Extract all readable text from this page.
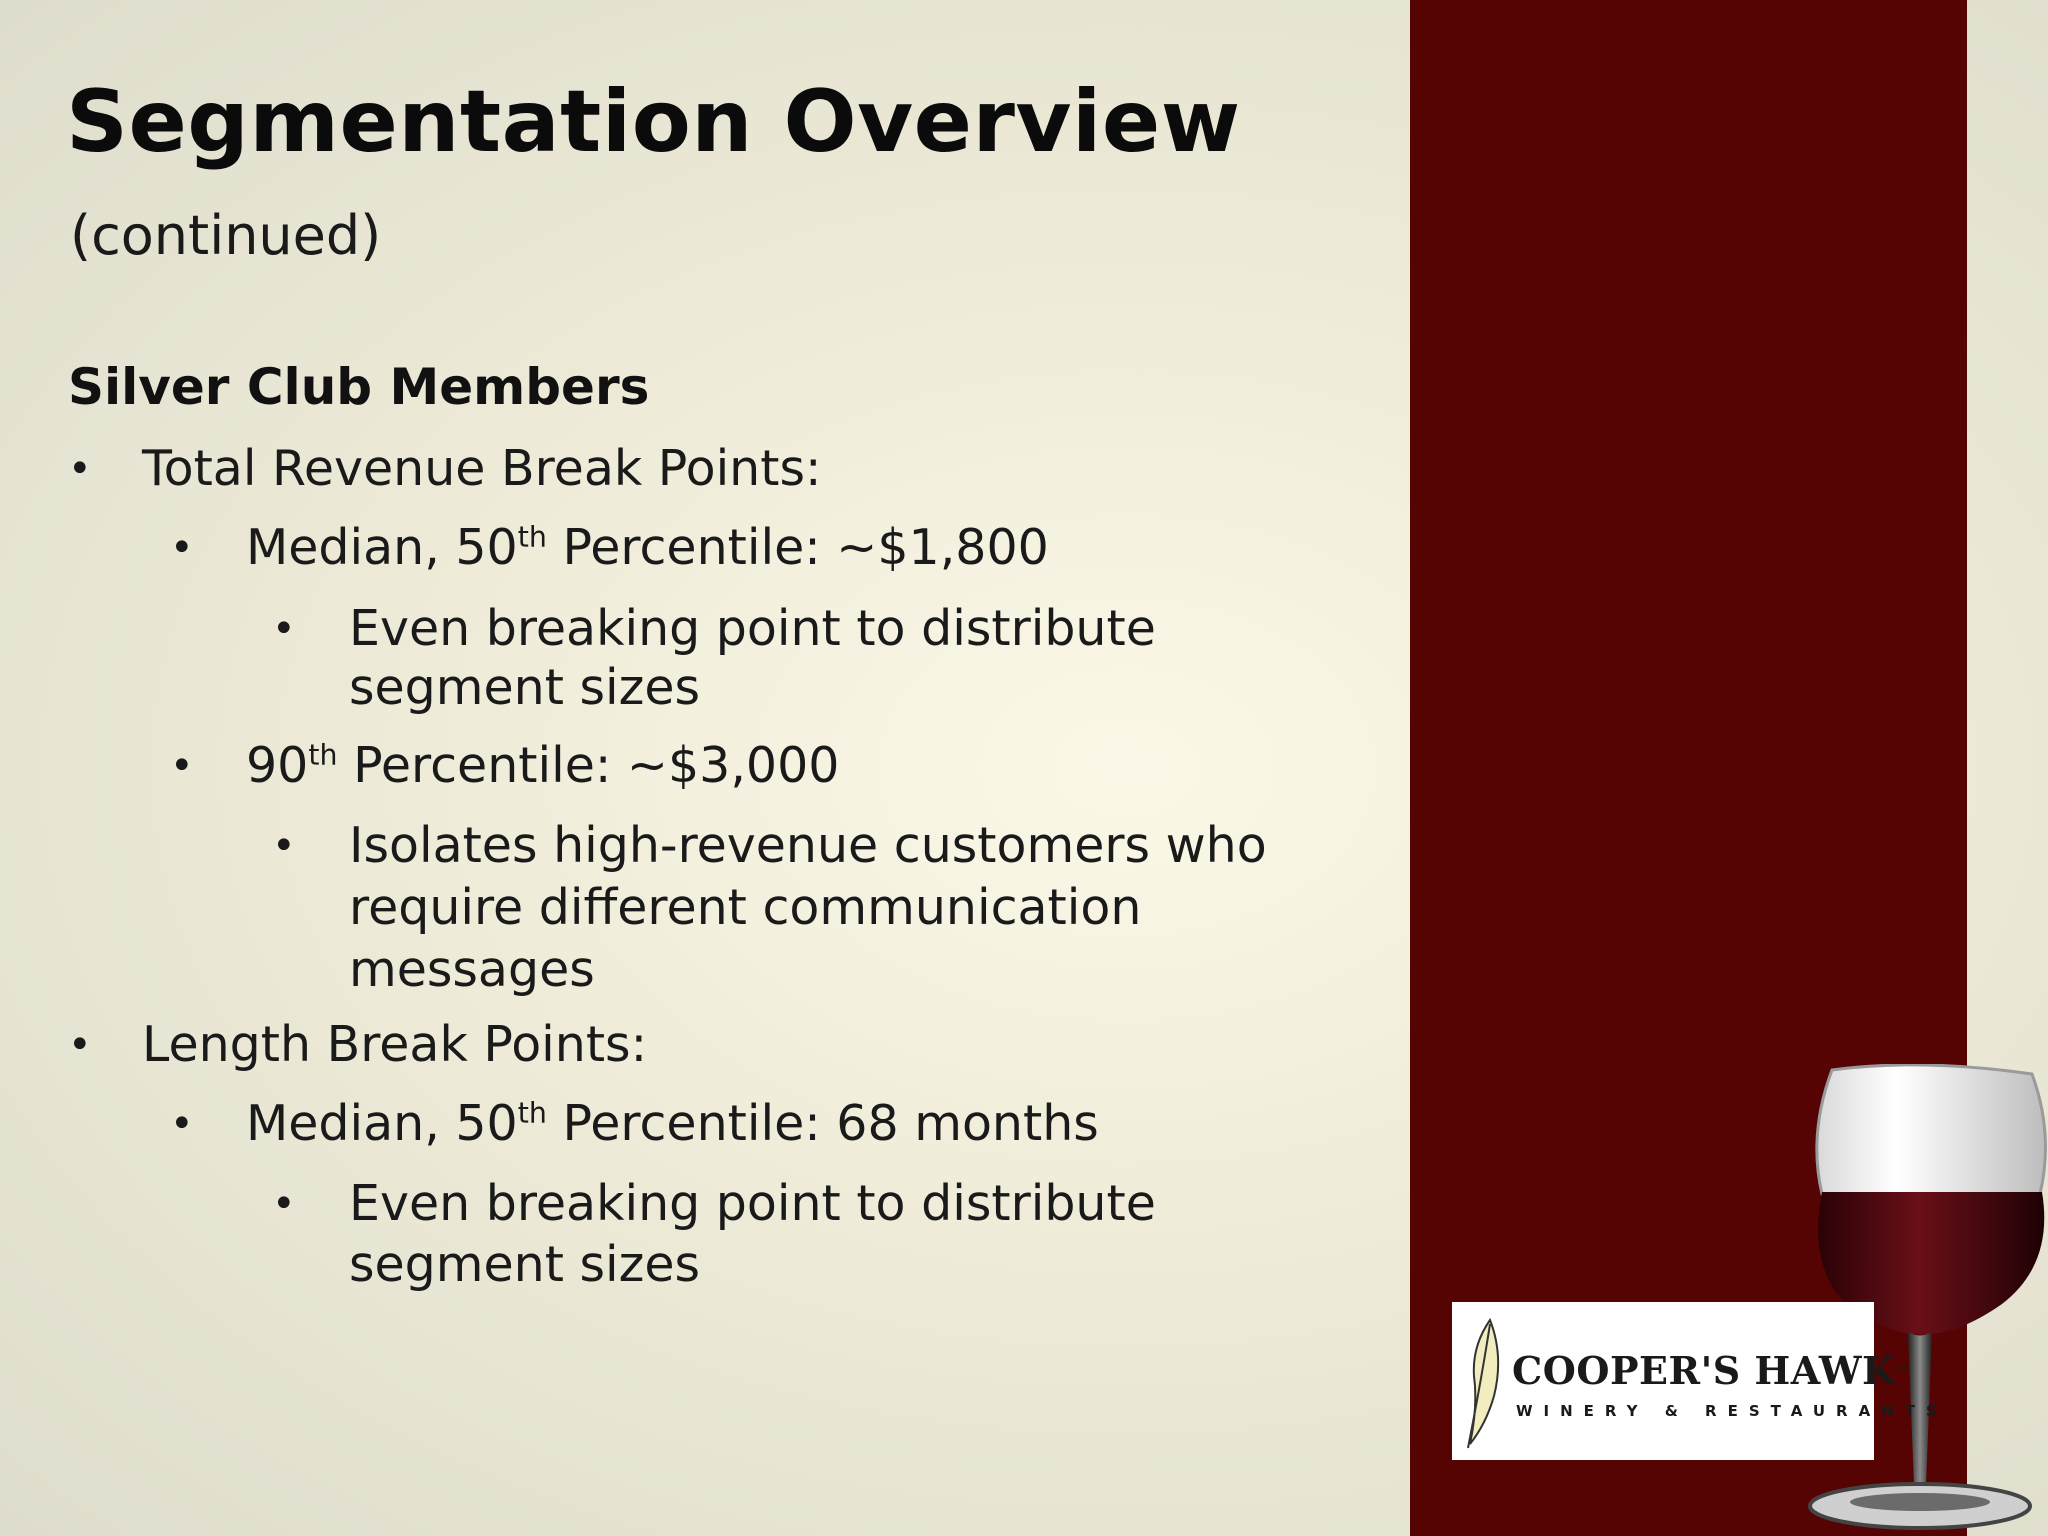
Segmentation Overview
(continued)
Silver Club Members
• Total Revenue Break Points:
• Median, 50th Percentile: ~$1,800
• Even breaking point to distribute
segment sizes
• 90th Percentile: ~$3,000
• Isolates high-revenue customers who
require different communication
messages
• Length Break Points:
• Median, 50th Percentile: 68 months
• Even breaking point to distribute
segment sizes
COOPER'S HAWK™
WINERY & RESTAURANTS
